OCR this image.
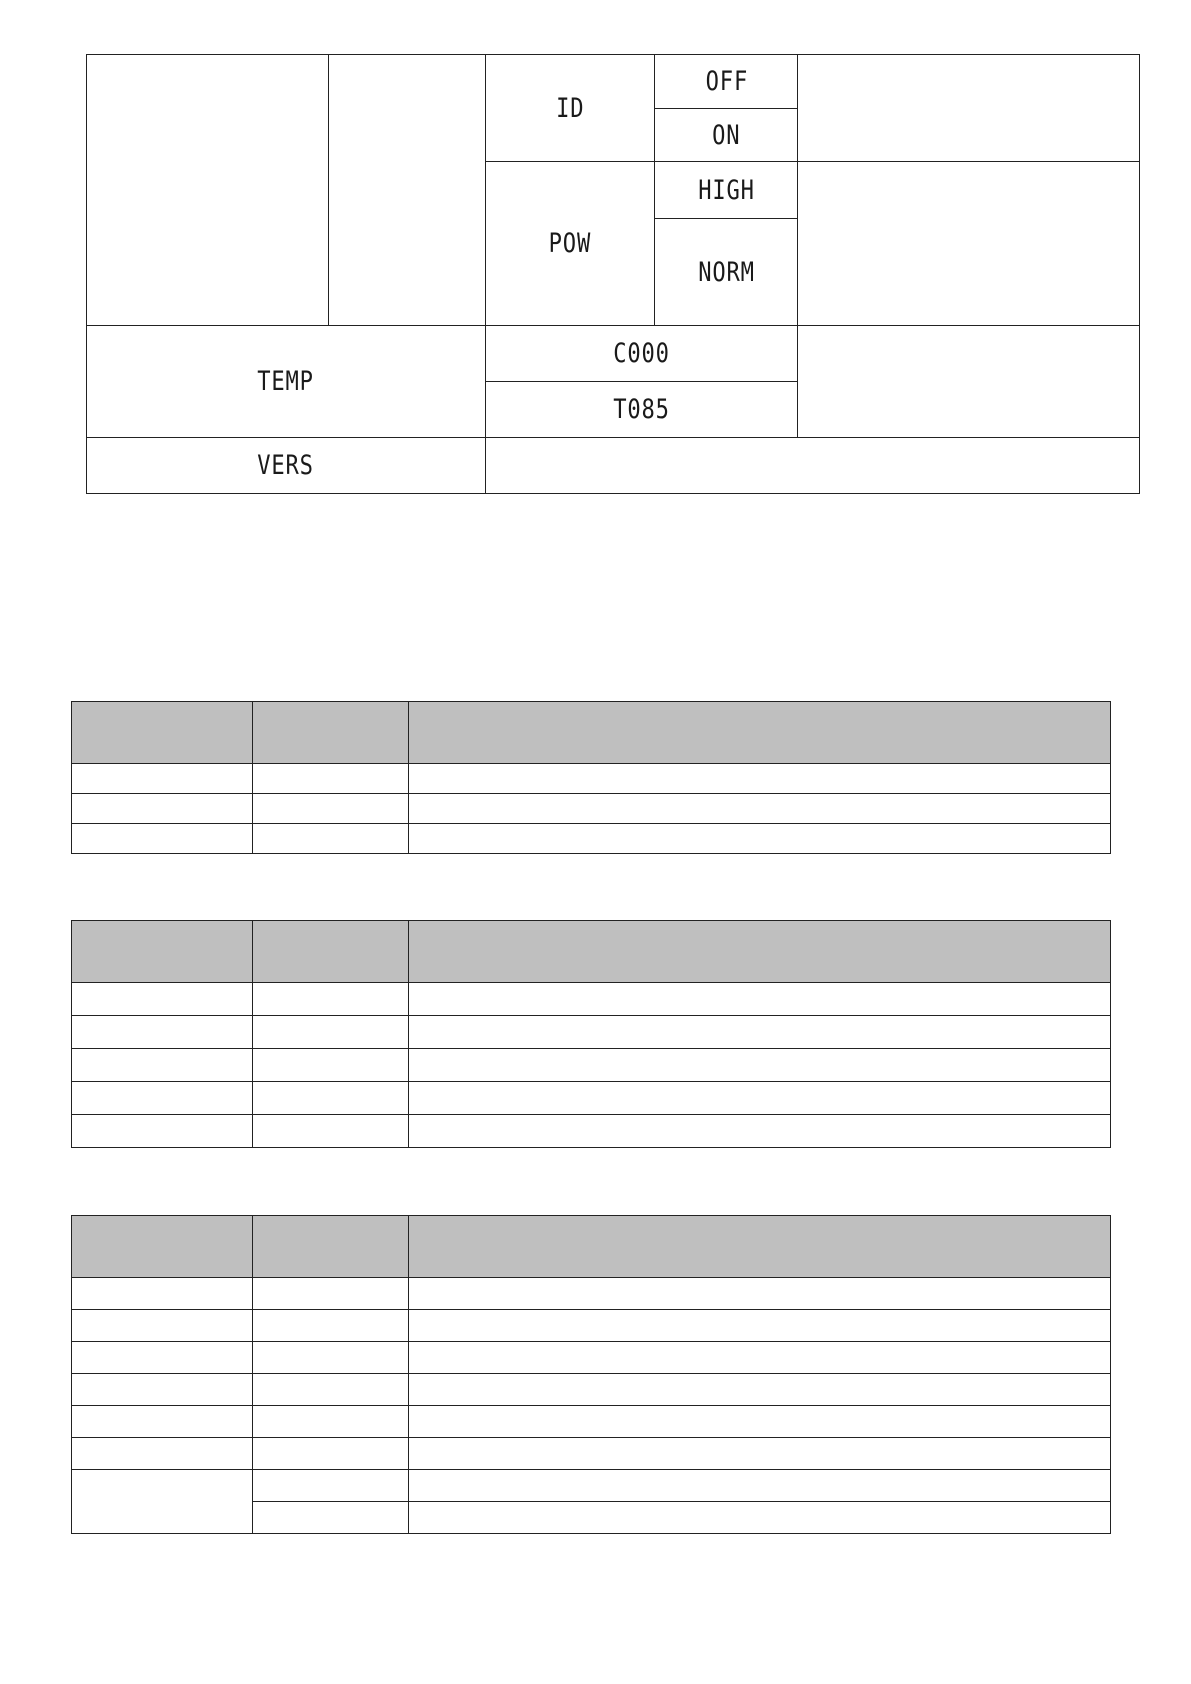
		ID	OFF	
			ON	
		POW	HIGH	
			NORM	
TEMP		C000		
		T085		
VERS				
